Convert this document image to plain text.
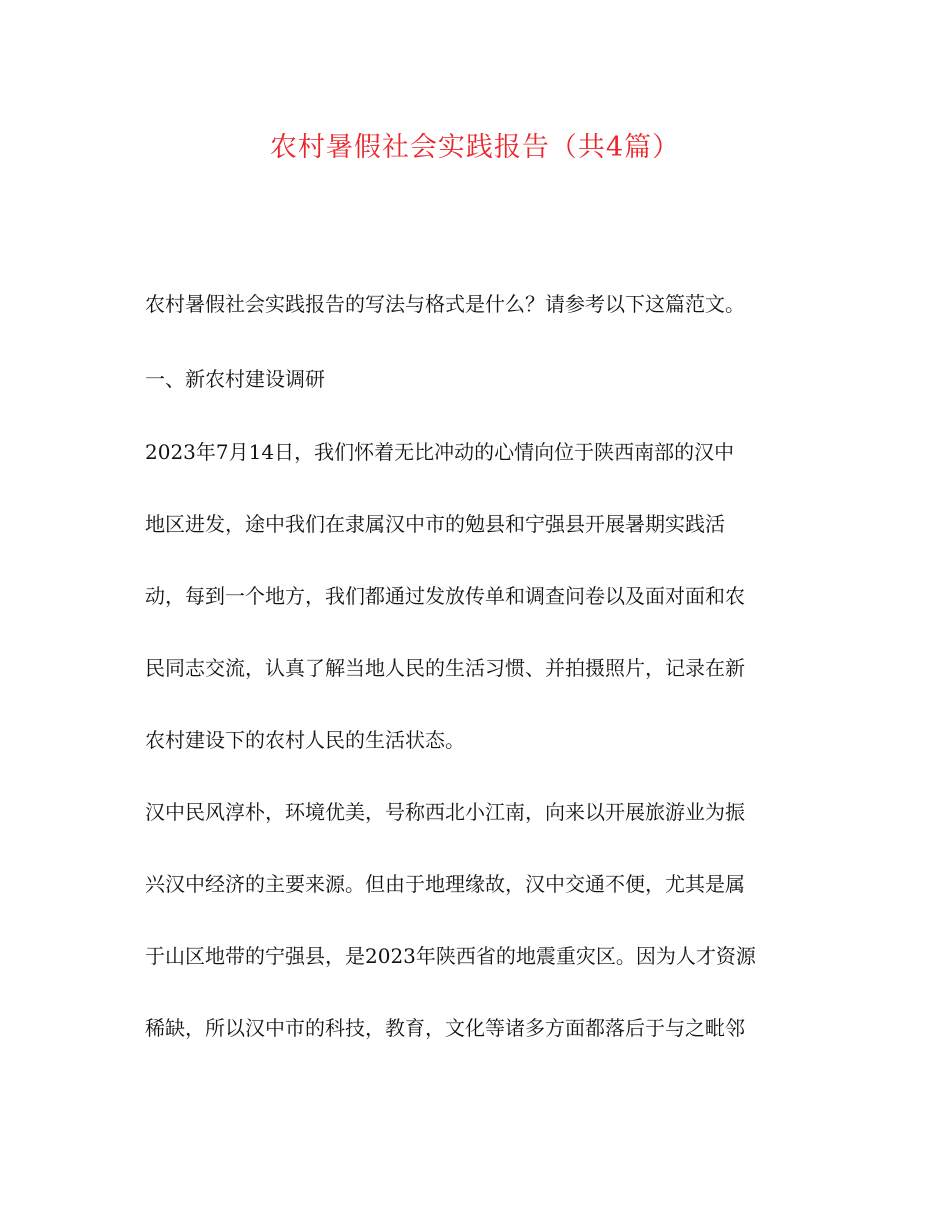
农村暑假社会实践报告（共4篇）

农村暑假社会实践报告的写法与格式是什么？请参考以下这篇范文。

一、新农村建设调研

2023年7月14日，我们怀着无比冲动的心情向位于陕西南部的汉中

地区进发，途中我们在隶属汉中市的勉县和宁强县开展暑期实践活

动，每到一个地方，我们都通过发放传单和调查问卷以及面对面和农

民同志交流，认真了解当地人民的生活习惯、并拍摄照片，记录在新

农村建设下的农村人民的生活状态。

汉中民风淳朴，环境优美，号称西北小江南，向来以开展旅游业为振

兴汉中经济的主要来源。但由于地理缘故，汉中交通不便，尤其是属

于山区地带的宁强县，是2023年陕西省的地震重灾区。因为人才资源

稀缺，所以汉中市的科技，教育，文化等诸多方面都落后于与之毗邻
